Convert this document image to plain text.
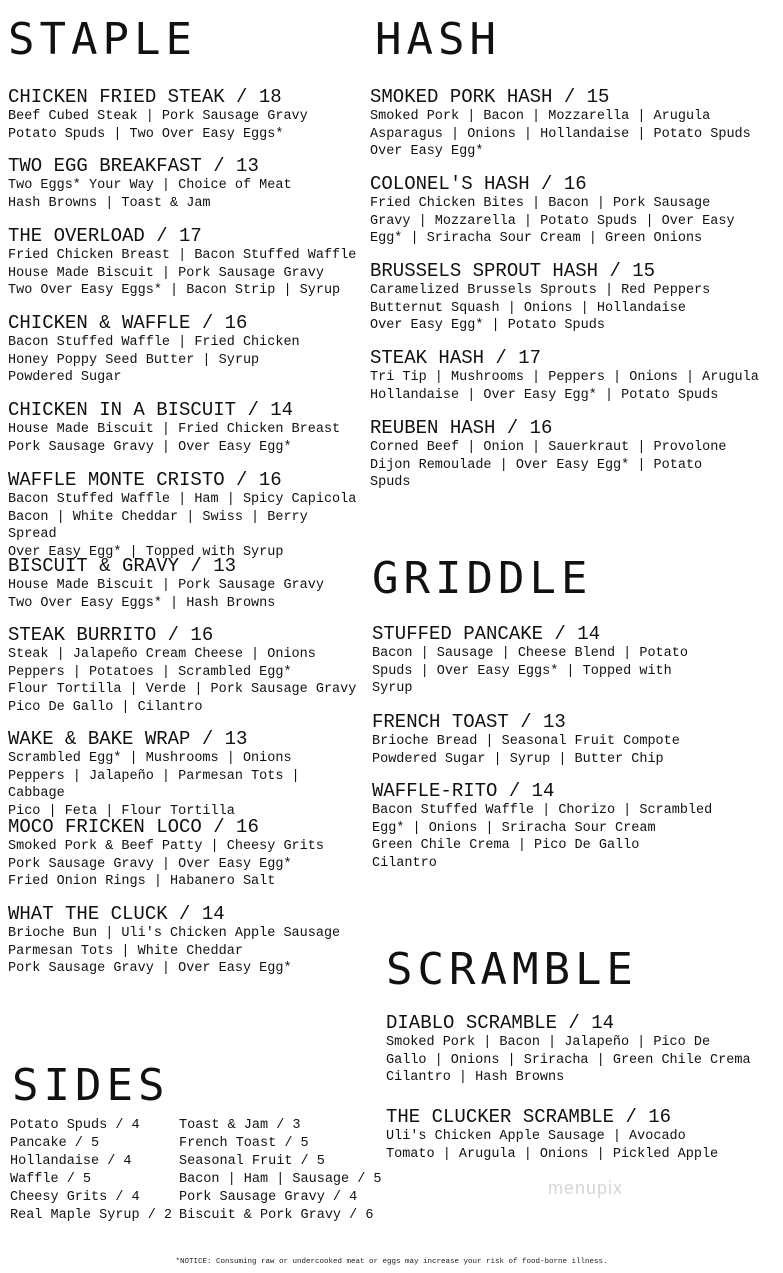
STAPLE
CHICKEN FRIED STEAK / 18
Beef Cubed Steak | Pork Sausage Gravy
Potato Spuds | Two Over Easy Eggs*
TWO EGG BREAKFAST / 13
Two Eggs* Your Way | Choice of Meat
Hash Browns | Toast & Jam
THE OVERLOAD / 17
Fried Chicken Breast | Bacon Stuffed Waffle
House Made Biscuit | Pork Sausage Gravy
Two Over Easy Eggs* | Bacon Strip | Syrup
CHICKEN & WAFFLE / 16
Bacon Stuffed Waffle | Fried Chicken
Honey Poppy Seed Butter | Syrup
Powdered Sugar
CHICKEN IN A BISCUIT / 14
House Made Biscuit | Fried Chicken Breast
Pork Sausage Gravy | Over Easy Egg*
WAFFLE MONTE CRISTO / 16
Bacon Stuffed Waffle | Ham | Spicy Capicola
Bacon | White Cheddar | Swiss | Berry Spread
Over Easy Egg* | Topped with Syrup
BISCUIT & GRAVY / 13
House Made Biscuit | Pork Sausage Gravy
Two Over Easy Eggs* | Hash Browns
STEAK BURRITO / 16
Steak | Jalapeño Cream Cheese | Onions
Peppers | Potatoes | Scrambled Egg*
Flour Tortilla | Verde | Pork Sausage Gravy
Pico De Gallo | Cilantro
WAKE & BAKE WRAP / 13
Scrambled Egg* | Mushrooms | Onions
Peppers | Jalapeño | Parmesan Tots | Cabbage
Pico | Feta | Flour Tortilla
MOCO FRICKEN LOCO / 16
Smoked Pork & Beef Patty | Cheesy Grits
Pork Sausage Gravy | Over Easy Egg*
Fried Onion Rings | Habanero Salt
WHAT THE CLUCK / 14
Brioche Bun | Uli's Chicken Apple Sausage
Parmesan Tots | White Cheddar
Pork Sausage Gravy | Over Easy Egg*
HASH
SMOKED PORK HASH / 15
Smoked Pork | Bacon | Mozzarella | Arugula
Asparagus | Onions | Hollandaise | Potato Spuds
Over Easy Egg*
COLONEL'S HASH / 16
Fried Chicken Bites | Bacon | Pork Sausage
Gravy | Mozzarella | Potato Spuds | Over Easy
Egg* | Sriracha Sour Cream | Green Onions
BRUSSELS SPROUT HASH / 15
Caramelized Brussels Sprouts | Red Peppers
Butternut Squash | Onions | Hollandaise
Over Easy Egg* | Potato Spuds
STEAK HASH / 17
Tri Tip | Mushrooms | Peppers | Onions | Arugula
Hollandaise | Over Easy Egg* | Potato Spuds
REUBEN HASH / 16
Corned Beef | Onion | Sauerkraut | Provolone
Dijon Remoulade | Over Easy Egg* | Potato
Spuds
GRIDDLE
STUFFED PANCAKE / 14
Bacon | Sausage | Cheese Blend | Potato
Spuds | Over Easy Eggs* | Topped with
Syrup
FRENCH TOAST / 13
Brioche Bread | Seasonal Fruit Compote
Powdered Sugar | Syrup | Butter Chip
WAFFLE-RITO / 14
Bacon Stuffed Waffle | Chorizo | Scrambled
Egg* | Onions | Sriracha Sour Cream
Green Chile Crema | Pico De Gallo
Cilantro
SCRAMBLE
DIABLO SCRAMBLE / 14
Smoked Pork | Bacon | Jalapeño | Pico De
Gallo | Onions | Sriracha | Green Chile Crema
Cilantro | Hash Browns
THE CLUCKER SCRAMBLE / 16
Uli's Chicken Apple Sausage | Avocado
Tomato | Arugula | Onions | Pickled Apple
SIDES
Potato Spuds / 4
Pancake / 5
Hollandaise / 4
Waffle / 5
Cheesy Grits / 4
Real Maple Syrup / 2
Toast & Jam / 3
French Toast / 5
Seasonal Fruit / 5
Bacon | Ham | Sausage / 5
Pork Sausage Gravy / 4
Biscuit & Pork Gravy / 6
menupix
*NOTICE: Consuming raw or undercooked meat or eggs may increase your risk of food-borne illness.
